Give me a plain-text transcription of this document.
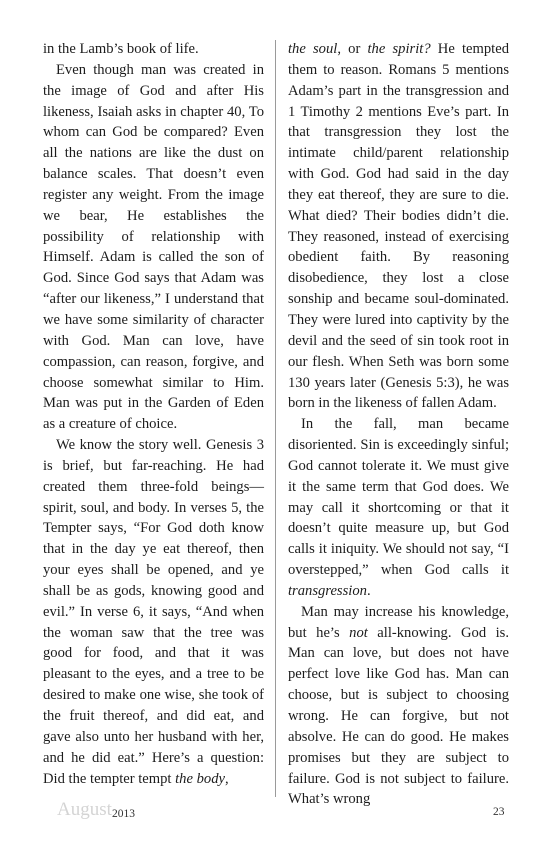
in the Lamb’s book of life.

Even though man was created in the image of God and after His likeness, Isaiah asks in chapter 40, To whom can God be compared? Even all the nations are like the dust on balance scales. That doesn’t even register any weight. From the image we bear, He establishes the possibility of relationship with Himself. Adam is called the son of God. Since God says that Adam was “after our likeness,” I understand that we have some similarity of character with God. Man can love, have compassion, can reason, forgive, and choose somewhat similar to Him. Man was put in the Garden of Eden as a creature of choice.

We know the story well. Genesis 3 is brief, but far-reaching. He had created them three-fold beings—spirit, soul, and body. In verses 5, the Tempter says, “For God doth know that in the day ye eat thereof, then your eyes shall be opened, and ye shall be as gods, knowing good and evil.” In verse 6, it says, “And when the woman saw that the tree was good for food, and that it was pleasant to the eyes, and a tree to be desired to make one wise, she took of the fruit thereof, and did eat, and gave also unto her husband with her, and he did eat.” Here’s a question: Did the tempter tempt the body,

the soul, or the spirit? He tempted them to reason. Romans 5 mentions Adam’s part in the transgression and 1 Timothy 2 mentions Eve’s part. In that transgression they lost the intimate child/parent relationship with God. God had said in the day they eat thereof, they are sure to die. What died? Their bodies didn’t die. They reasoned, instead of exercising obedient faith. By reasoning disobedience, they lost a close sonship and became soul-dominated. They were lured into captivity by the devil and the seed of sin took root in our flesh. When Seth was born some 130 years later (Genesis 5:3), he was born in the likeness of fallen Adam.

In the fall, man became disoriented. Sin is exceedingly sinful; God cannot tolerate it. We must give it the same term that God does. We may call it shortcoming or that it doesn’t quite measure up, but God calls it iniquity. We should not say, “I overstepped,” when God calls it transgression.

Man may increase his knowledge, but he’s not all-knowing. God is. Man can love, but does not have perfect love like God has. Man can choose, but is subject to choosing wrong. He can forgive, but not absolve. He can do good. He makes promises but they are subject to failure. God is not subject to failure. What’s wrong

August 2013	23
